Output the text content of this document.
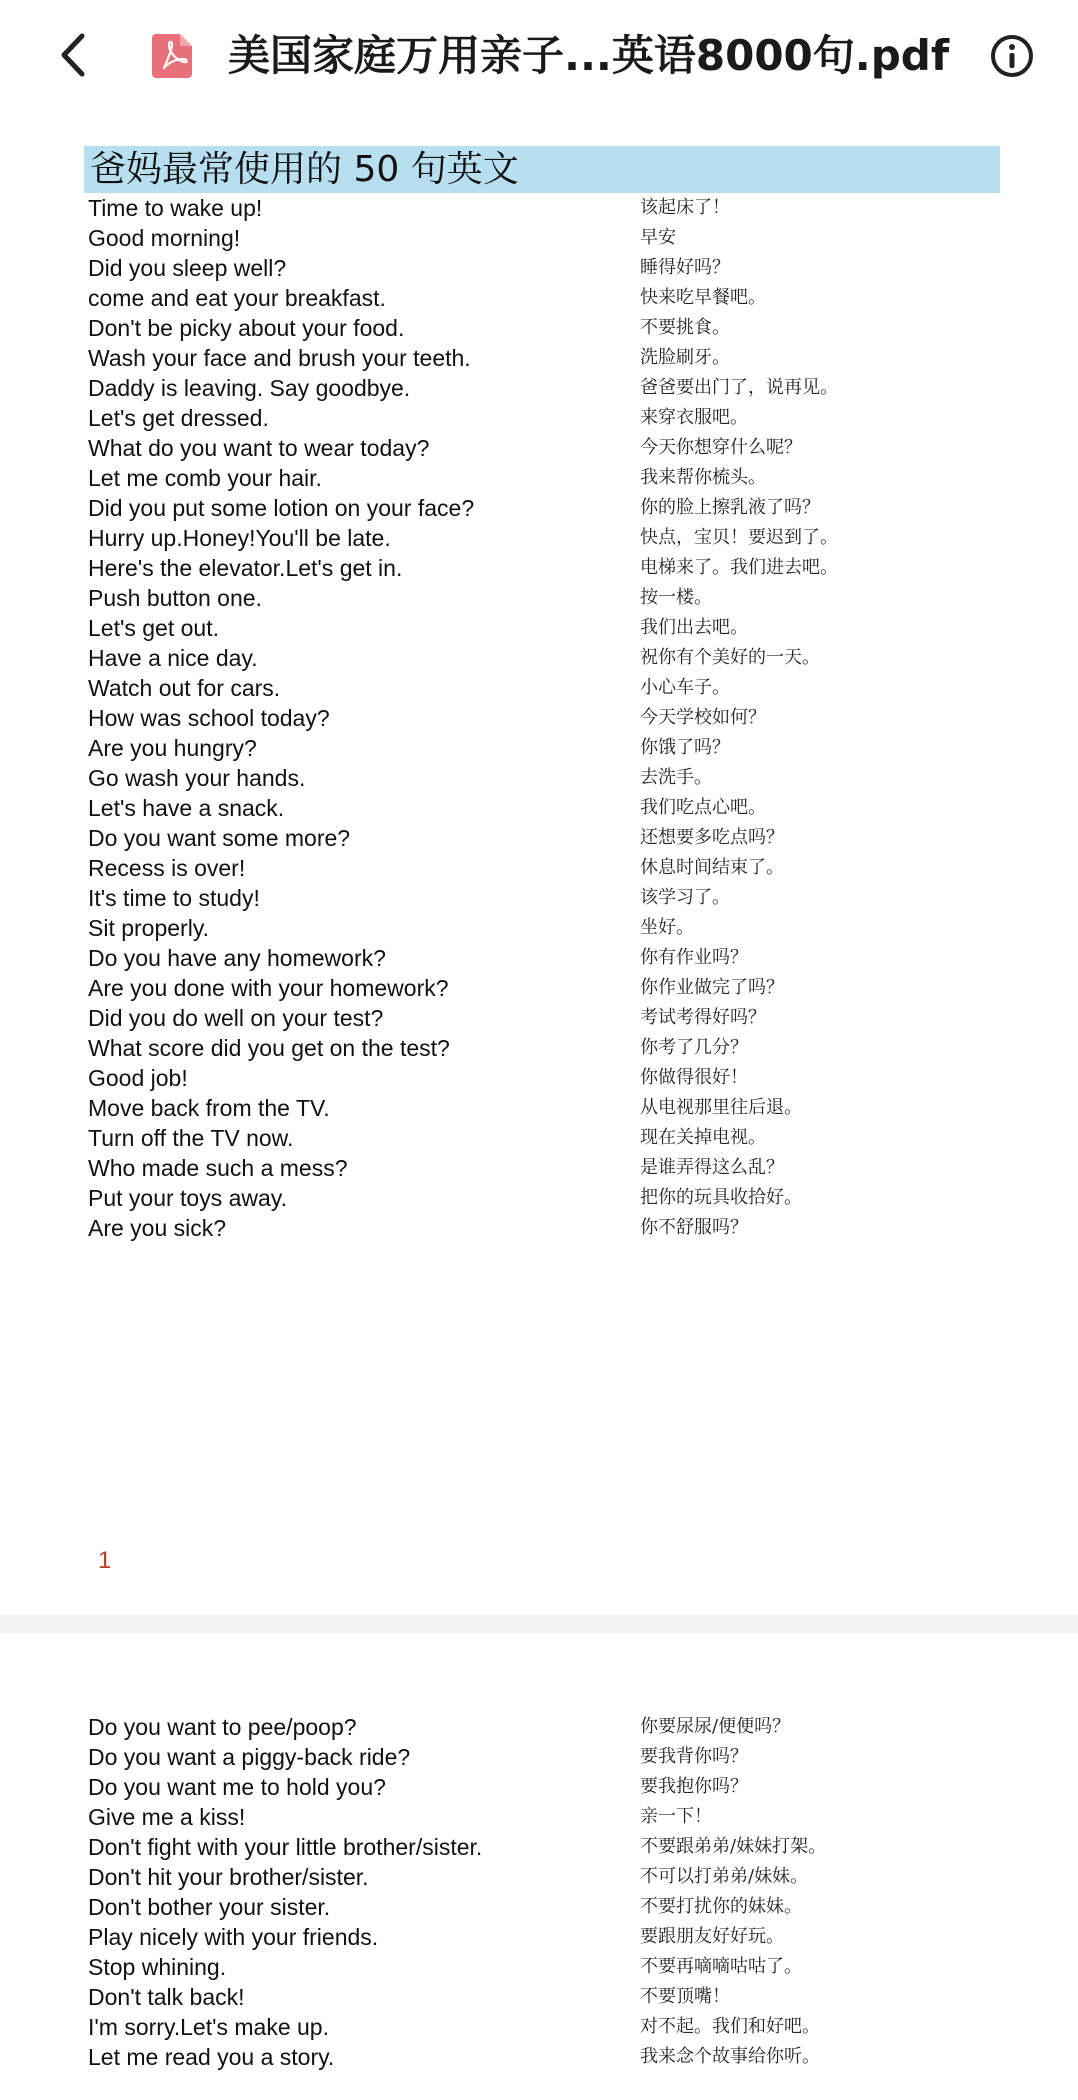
美国家庭万用亲子...英语8000句.pdf
爸妈最常使用的 50 句英文
Time to wake up!	该起床了！
Good morning!	早安
Did you sleep well?	睡得好吗？
come and eat your breakfast.	快来吃早餐吧。
Don't be picky about your food.	不要挑食。
Wash your face and brush your teeth.	洗脸刷牙。
Daddy is leaving. Say goodbye.	爸爸要出门了，说再见。
Let's get dressed.	来穿衣服吧。
What do you want to wear today?	今天你想穿什么呢？
Let me comb your hair.	我来帮你梳头。
Did you put some lotion on your face?	你的脸上擦乳液了吗？
Hurry up.Honey!You'll be late.	快点，宝贝！要迟到了。
Here's the elevator.Let's get in.	电梯来了。我们进去吧。
Push button one.	按一楼。
Let's get out.	我们出去吧。
Have a nice day.	祝你有个美好的一天。
Watch out for cars.	小心车子。
How was school today?	今天学校如何？
Are you hungry?	你饿了吗？
Go wash your hands.	去洗手。
Let's have a snack.	我们吃点心吧。
Do you want some more?	还想要多吃点吗？
Recess is over!	休息时间结束了。
It's time to study!	该学习了。
Sit properly.	坐好。
Do you have any homework?	你有作业吗？
Are you done with your homework?	你作业做完了吗？
Did you do well on your test?	考试考得好吗？
What score did you get on the test?	你考了几分？
Good job!	你做得很好！
Move back from the TV.	从电视那里往后退。
Turn off the TV now.	现在关掉电视。
Who made such a mess?	是谁弄得这么乱？
Put your toys away.	把你的玩具收拾好。
Are you sick?	你不舒服吗？
1
Do you want to pee/poop?	你要尿尿/便便吗？
Do you want a piggy-back ride?	要我背你吗？
Do you want me to hold you?	要我抱你吗？
Give me a kiss!	亲一下！
Don't fight with your little brother/sister.	不要跟弟弟/妹妹打架。
Don't hit your brother/sister.	不可以打弟弟/妹妹。
Don't bother your sister.	不要打扰你的妹妹。
Play nicely with your friends.	要跟朋友好好玩。
Stop whining.	不要再嘀嘀咕咕了。
Don't talk back!	不要顶嘴！
I'm sorry.Let's make up.	对不起。我们和好吧。
Let me read you a story.	我来念个故事给你听。
